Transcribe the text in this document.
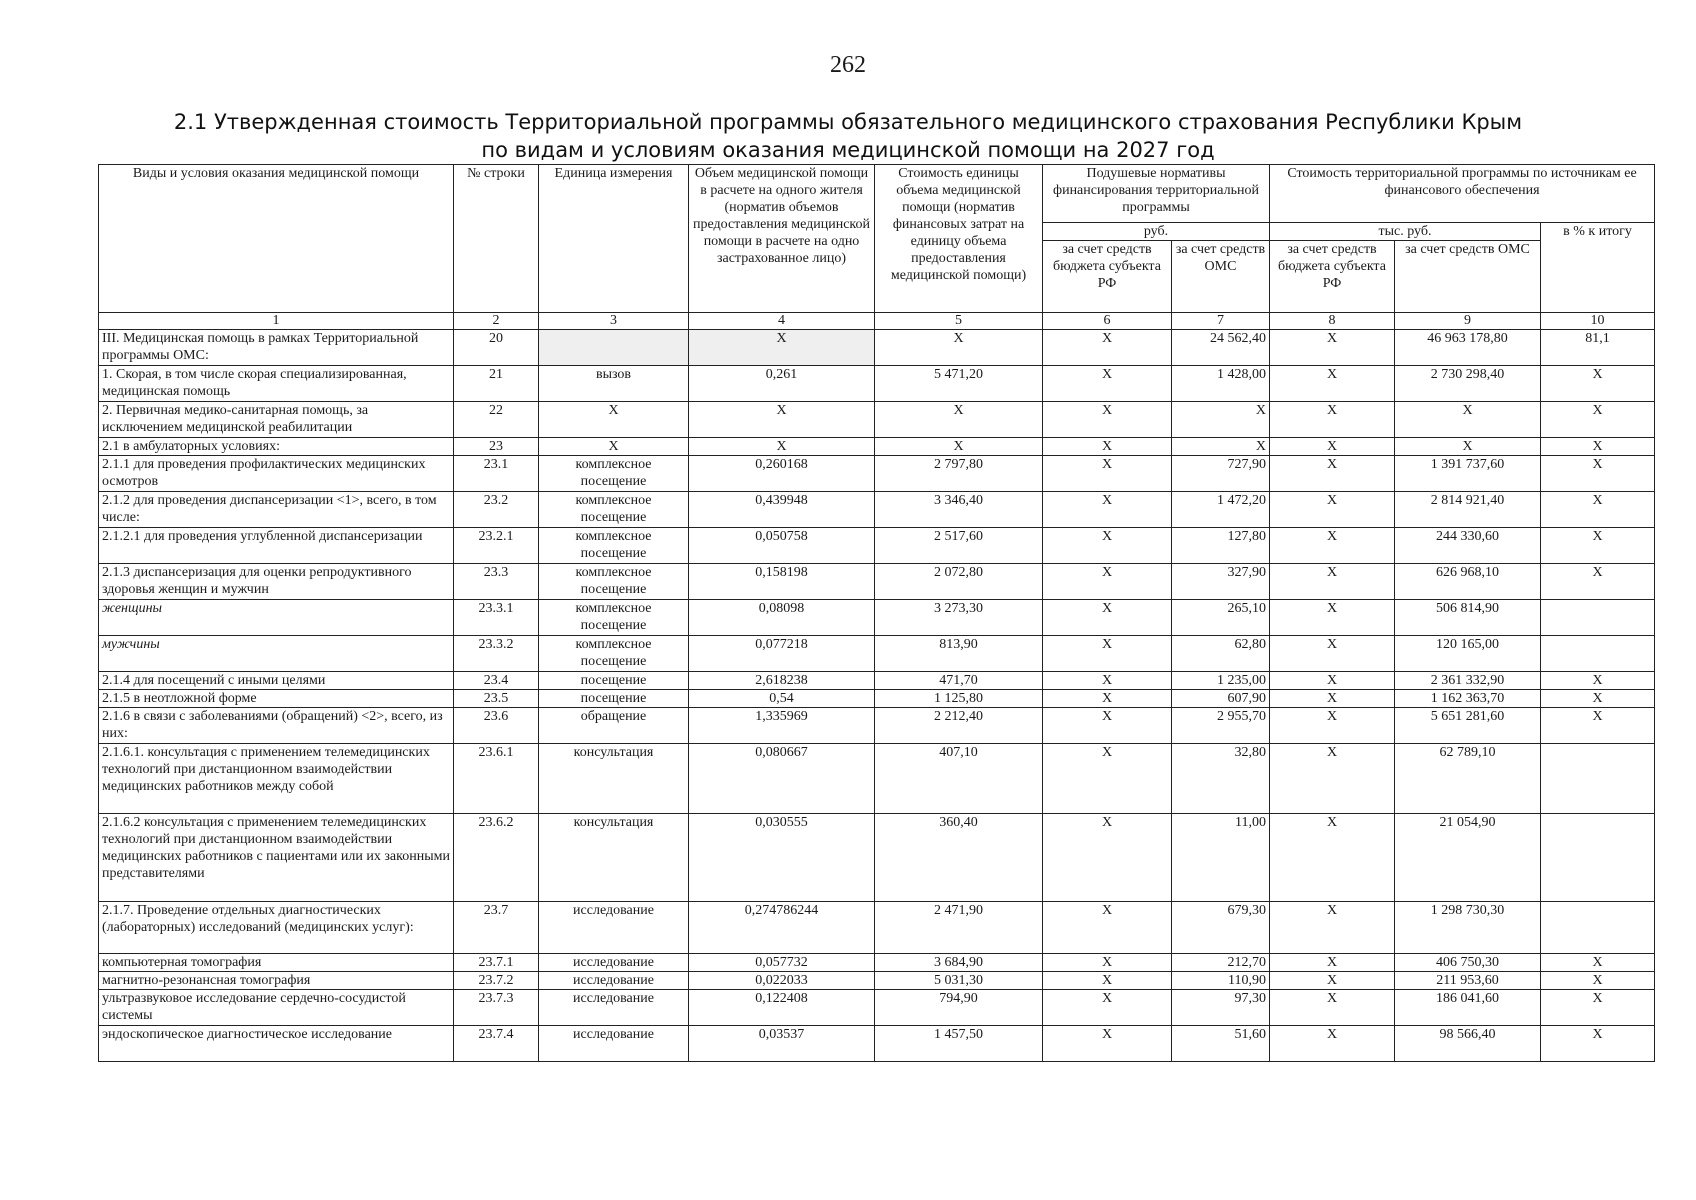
262
2.1 Утвержденная стоимость Территориальной программы обязательного медицинского страхования Республики Крым
по видам и условиям оказания медицинской помощи на 2027 год
Виды и условия оказания медицинской помощи	№ строки	Единица измерения	Объем медицинской помощи в расчете на одного жителя (норматив объемов предоставления медицинской помощи в расчете на одно застрахованное лицо)	Стоимость единицы объема медицинской помощи (норматив финансовых затрат на единицу объема предоставления медицинской помощи)	Подушевые нормативы финансирования территориальной программы		Стоимость территориальной программы по источникам ее финансового обеспечения		
					руб.		тыс. руб.		в % к итогу
					за счет средств бюджета субъекта РФ	за счет средств ОМС	за счет средств бюджета субъекта РФ	за счет средств ОМС	
1	2	3	4	5	6	7	8	9	10
III. Медицинская помощь в рамках Территориальной программы ОМС:	20		X	X	X	24 562,40	X	46 963 178,80	81,1
1. Скорая, в том числе скорая специализированная, медицинская помощь	21	вызов	0,261	5 471,20	X	1 428,00	X	2 730 298,40	X
2. Первичная медико-санитарная помощь, за исключением медицинской реабилитации	22	X	X	X	X	X	X	X	X
2.1 в амбулаторных условиях:	23	X	X	X	X	X	X	X	X
2.1.1 для проведения профилактических медицинских осмотров	23.1	комплексное посещение	0,260168	2 797,80	X	727,90	X	1 391 737,60	X
2.1.2 для проведения диспансеризации <1>, всего, в том числе:	23.2	комплексное посещение	0,439948	3 346,40	X	1 472,20	X	2 814 921,40	X
2.1.2.1 для проведения углубленной диспансеризации	23.2.1	комплексное посещение	0,050758	2 517,60	X	127,80	X	244 330,60	X
2.1.3 диспансеризация для оценки репродуктивного здоровья женщин и мужчин	23.3	комплексное посещение	0,158198	2 072,80	X	327,90	X	626 968,10	X
женщины	23.3.1	комплексное посещение	0,08098	3 273,30	X	265,10	X	506 814,90	
мужчины	23.3.2	комплексное посещение	0,077218	813,90	X	62,80	X	120 165,00	
2.1.4 для посещений с иными целями	23.4	посещение	2,618238	471,70	X	1 235,00	X	2 361 332,90	X
2.1.5 в неотложной форме	23.5	посещение	0,54	1 125,80	X	607,90	X	1 162 363,70	X
2.1.6 в связи с заболеваниями (обращений) <2>, всего, из них:	23.6	обращение	1,335969	2 212,40	X	2 955,70	X	5 651 281,60	X
2.1.6.1. консультация с применением телемедицинских технологий при дистанционном взаимодействии медицинских работников между собой	23.6.1	консультация	0,080667	407,10	X	32,80	X	62 789,10	
2.1.6.2 консультация с применением телемедицинских технологий при дистанционном взаимодействии медицинских работников с пациентами или их законными представителями	23.6.2	консультация	0,030555	360,40	X	11,00	X	21 054,90	
2.1.7. Проведение отдельных диагностических (лабораторных) исследований (медицинских услуг):	23.7	исследование	0,274786244	2 471,90	X	679,30	X	1 298 730,30	
компьютерная томография	23.7.1	исследование	0,057732	3 684,90	X	212,70	X	406 750,30	X
магнитно-резонансная томография	23.7.2	исследование	0,022033	5 031,30	X	110,90	X	211 953,60	X
ультразвуковое исследование сердечно-сосудистой системы	23.7.3	исследование	0,122408	794,90	X	97,30	X	186 041,60	X
эндоскопическое диагностическое исследование	23.7.4	исследование	0,03537	1 457,50	X	51,60	X	98 566,40	X
